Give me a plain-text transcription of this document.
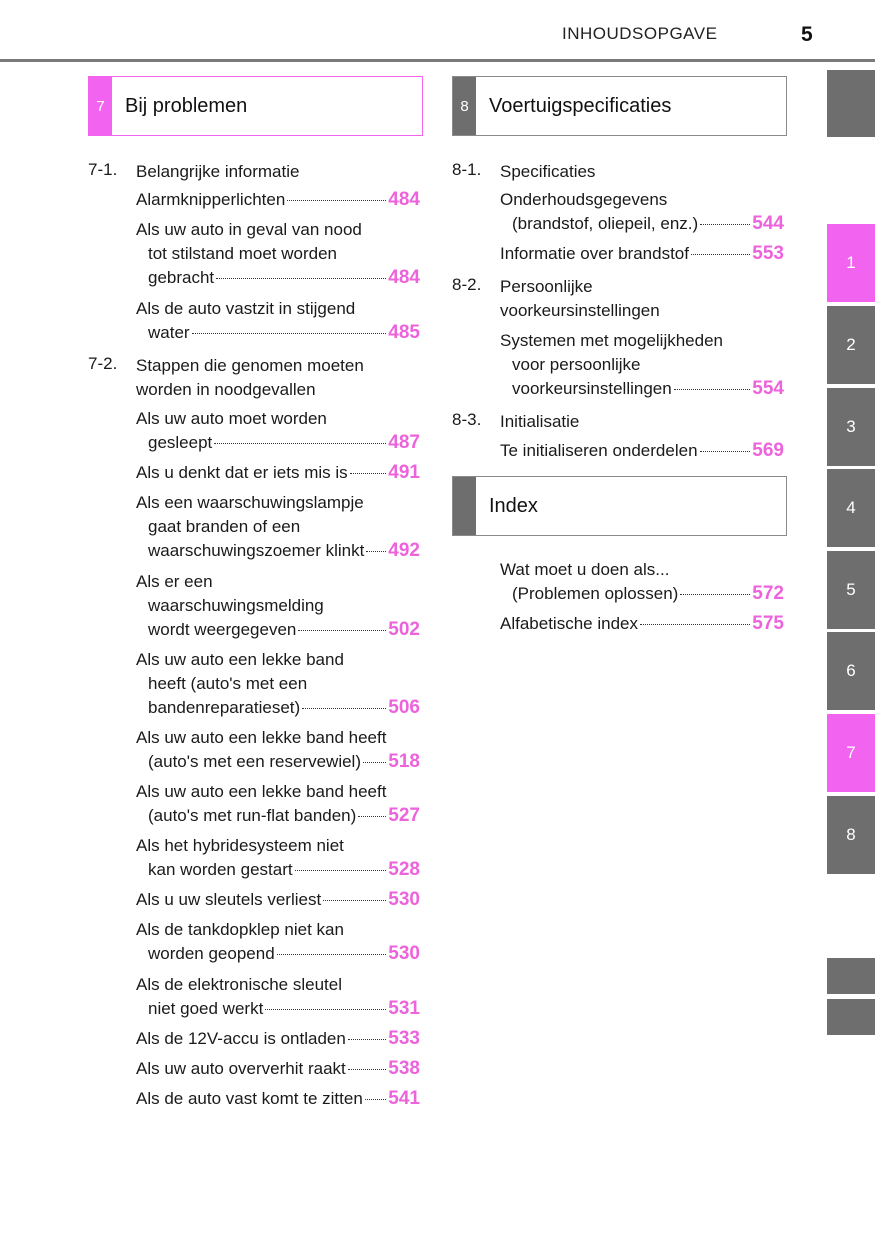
INHOUDSOPGAVE	5
7	Bij problemen	8	Voertuigspecificaties
Index
7-1. Belangrijke informatie
Alarmknipperlichten	484
Als uw auto in geval van nood
tot stilstand moet worden
gebracht	484
Als de auto vastzit in stijgend
water	485
7-2. Stappen die genomen moeten
worden in noodgevallen
Als uw auto moet worden
gesleept	487
Als u denkt dat er iets mis is 491
Als een waarschuwingslampje
gaat branden of een
waarschuwingszoemer klinkt 492
Als er een
waarschuwingsmelding
wordt weergegeven	502
Als uw auto een lekke band
heeft (auto's met een
bandenreparatieset)	506
Als uw auto een lekke band heeft
(auto's met een reservewiel) 518
Als uw auto een lekke band heeft
(auto's met run-flat banden) 527
Als het hybridesysteem niet
kan worden gestart	528
Als u uw sleutels verliest	530
Als de tankdopklep niet kan
worden geopend	530
Als de elektronische sleutel
niet goed werkt	531
Als de 12V-accu is ontladen 533
Als uw auto oververhit raakt 538
Als de auto vast komt te zitten 541
8-1. Specificaties
Onderhoudsgegevens
(brandstof, oliepeil, enz.)	544
Informatie over brandstof	553
8-2. Persoonlijke
voorkeursinstellingen
Systemen met mogelijkheden
voor persoonlijke
voorkeursinstellingen	554
8-3. Initialisatie
Te initialiseren onderdelen	569
Wat moet u doen als...
(Problemen oplossen)	572
Alfabetische index	575
1
2
3
4
5
6
7
8
